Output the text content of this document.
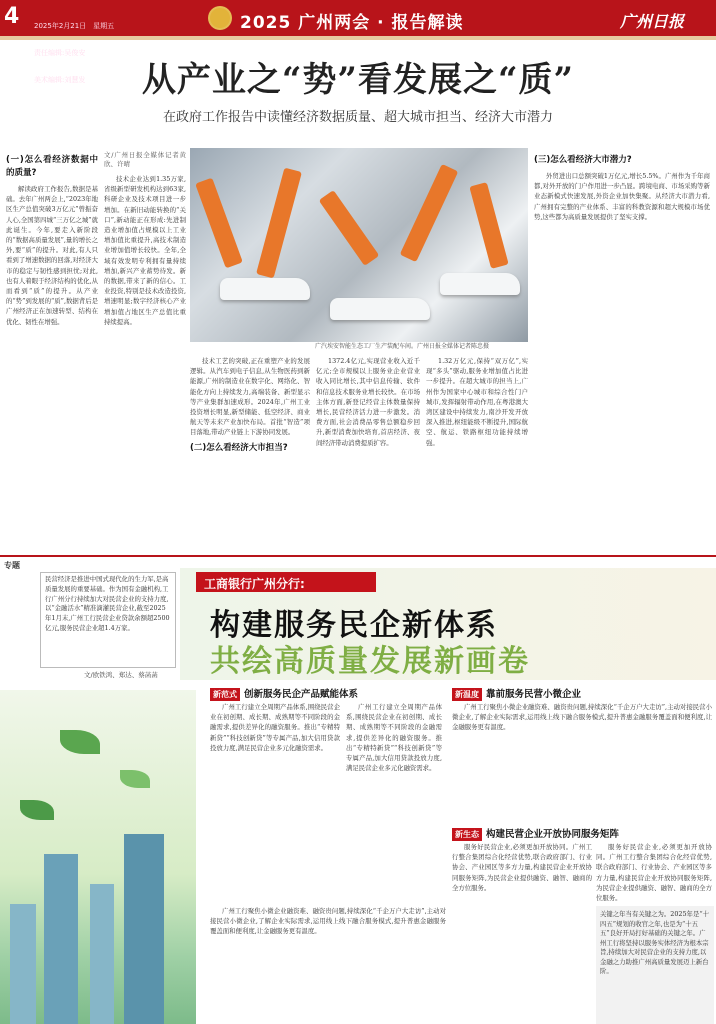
4

2025年2月21日　星期五

责任编辑:吴俊安

美术编辑:刘慧发

2025 广州两会 · 报告解读	广州日报
从产业之“势”看发展之“质”
在政府工作报告中读懂经济数据质量、超大城市担当、经济大市潜力
(一)怎么看经济数据中的质量?

解读政府工作报告,数据是基础。去年广州两会上,“2023年地区生产总值突破3万亿元”曾振奋人心,全国第四城“三万亿之城”就此诞生。今年,要走入新阶段的“数据高质量发展”,量的增长之外,要“质”的提升。对此,有人只看到了增速数据的回落,对经济大市的稳定与韧性感到担忧;对此,也有人着眼于经济结构的优化,从而看到“质”的提升。从产业的“势”到发展的“质”,数据背后是广州经济正在加速转型、结构在优化、韧性在增强。

文/广州日报全媒体记者黄欣、许晴

技术企业达到1.35万家,省级新型研发机构达到63家,科研企业及技术项目进一步增加。在新旧动能转换的“关口”,新动能正在形成:先进制造业增加值占规模以上工业增加值比重提升,高技术制造业增加值增长较快。全年,全域有效发明专利拥有量持续增加,新兴产业蓄势待发。新的数据,带来了新的信心。工业投资,特别是技术改造投资,增速明显;数字经济核心产业增加值占地区生产总值比重持续提高。

技术工艺的突破,正在重塑产业的发展逻辑。从汽车到电子信息,从生物医药到新能源,广州的制造业在数字化、网络化、智能化方向上持续发力,高端装备、新型显示等产业集群加速成形。2024年,广州工业投资增长明显,新型储能、低空经济、商业航天等未来产业加快布局。首批“智造”项目落地,带动产业链上下游协同发展。

(二)怎么看经济大市担当?

1372.4亿元,实现营业收入近千亿元;全市规模以上服务业企业营业收入同比增长,其中信息传输、软件和信息技术服务业增长较快。在市场主体方面,新登记经营主体数量保持增长,民营经济活力进一步激发。消费方面,社会消费品零售总额稳步回升,新型消费加快培育,首店经济、夜间经济带动消费提质扩容。

1.32万亿元,保持“双万亿”,实现“多头”驱动,服务业增加值占比进一步提升。在超大城市的担当上,广州作为国家中心城市和综合性门户城市,发挥辐射带动作用,在粤港澳大湾区建设中持续发力,南沙开发开放深入推进,枢纽能级不断提升,国际航空、航运、铁路枢纽功能持续增强。

(三)怎么看经济大市潜力?

外贸进出口总额突破1万亿元,增长5.5%。广州作为千年商都,对外开放的门户作用进一步凸显。跨境电商、市场采购等新业态新模式快速发展,外资企业加快集聚。从经济大市潜力看,广州拥有完整的产业体系、丰富的科教资源和超大规模市场优势,这些都为高质量发展提供了坚实支撑。

广汽埃安智能生态工厂生产装配车间。广州日报全媒体记者陈忠摄
专题
民营经济是推进中国式现代化的生力军,是高质量发展的重要基础。作为国有金融机构,工行广州分行持续加大对民营企业的支持力度,以“金融活水”精准滴灌民营企业,截至2025年1月末,广州工行民营企业贷款余额超2500亿元,服务民营企业超1.4万家。
文/欧铁鸿、郑达、蔡菡菡
工商银行广州分行:
构建服务民企新体系
共绘高质量发展新画卷

新范式 创新服务民企产品赋能体系

广州工行建立全周期产品体系,围绕民营企业在初创期、成长期、成熟期等不同阶段的金融需求,提供差异化的融资服务。推出“专精特新贷”“科技创新贷”等专属产品,加大信用贷款投放力度,满足民营企业多元化融资需求。

广州工行建立全周期产品体系,围绕民营企业在初创期、成长期、成熟期等不同阶段的金融需求,提供差异化的融资服务。推出“专精特新贷”“科技创新贷”等专属产品,加大信用贷款投放力度,满足民营企业多元化融资需求。

新温度 靠前服务民营小微企业

广州工行聚焦小微企业融资难、融资贵问题,持续深化“千企万户大走访”,主动对接民营小微企业,了解企业实际需求,运用线上线下融合服务模式,提升普惠金融服务覆盖面和便利度,让金融服务更有温度。

新生态 构建民营企业开放协同服务矩阵

服务好民营企业,必须更加开放协同。广州工行整合集团综合化经营优势,联合政府部门、行业协会、产业园区等多方力量,构建民营企业开放协同服务矩阵,为民营企业提供融资、融智、融商的全方位服务。

广州工行聚焦小微企业融资难、融资贵问题,持续深化“千企万户大走访”,主动对接民营小微企业,了解企业实际需求,运用线上线下融合服务模式,提升普惠金融服务覆盖面和便利度,让金融服务更有温度。

服务好民营企业,必须更加开放协同。广州工行整合集团综合化经营优势,联合政府部门、行业协会、产业园区等多方力量,构建民营企业开放协同服务矩阵,为民营企业提供融资、融智、融商的全方位服务。

关键之年当有关键之为。2025年是“十四五”规划的收官之年,也是为“十五五”良好开局打好基础的关键之年。广州工行将坚持以服务实体经济为根本宗旨,持续加大对民营企业的支持力度,以金融之力助推广州高质量发展迈上新台阶。
